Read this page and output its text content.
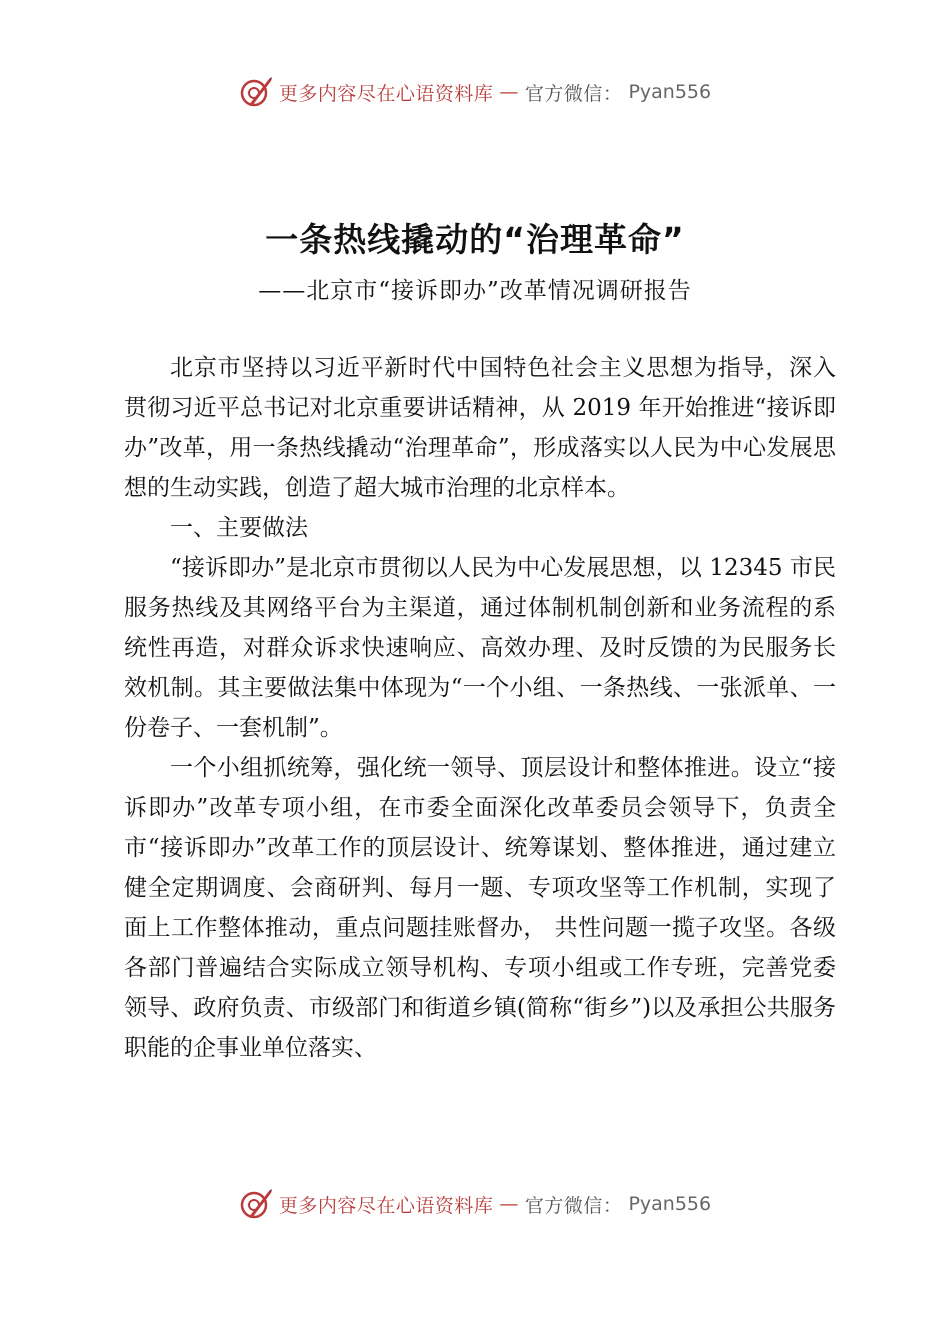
更多内容尽在心语资料库 — 官方微信： Pyan556
一条热线撬动的“治理革命”
——北京市“接诉即办”改革情况调研报告

北京市坚持以习近平新时代中国特色社会主义思想为指导，深入贯彻习近平总书记对北京重要讲话精神，从 2019 年开始推进“接诉即办”改革，用一条热线撬动“治理革命”，形成落实以人民为中心发展思想的生动实践，创造了超大城市治理的北京样本。

一、主要做法

“接诉即办”是北京市贯彻以人民为中心发展思想，以 12345 市民服务热线及其网络平台为主渠道，通过体制机制创新和业务流程的系统性再造，对群众诉求快速响应、高效办理、及时反馈的为民服务长效机制。其主要做法集中体现为“一个小组、一条热线、一张派单、一份卷子、一套机制”。

一个小组抓统筹，强化统一领导、顶层设计和整体推进。设立“接诉即办”改革专项小组，在市委全面深化改革委员会领导下，负责全市“接诉即办”改革工作的顶层设计、统筹谋划、整体推进，通过建立健全定期调度、会商研判、每月一题、专项攻坚等工作机制，实现了面上工作整体推动，重点问题挂账督办， 共性问题一揽子攻坚。各级各部门普遍结合实际成立领导机构、专项小组或工作专班，完善党委领导、政府负责、市级部门和街道乡镇(简称“街乡”)以及承担公共服务职能的企事业单位落实、

更多内容尽在心语资料库 — 官方微信： Pyan556
